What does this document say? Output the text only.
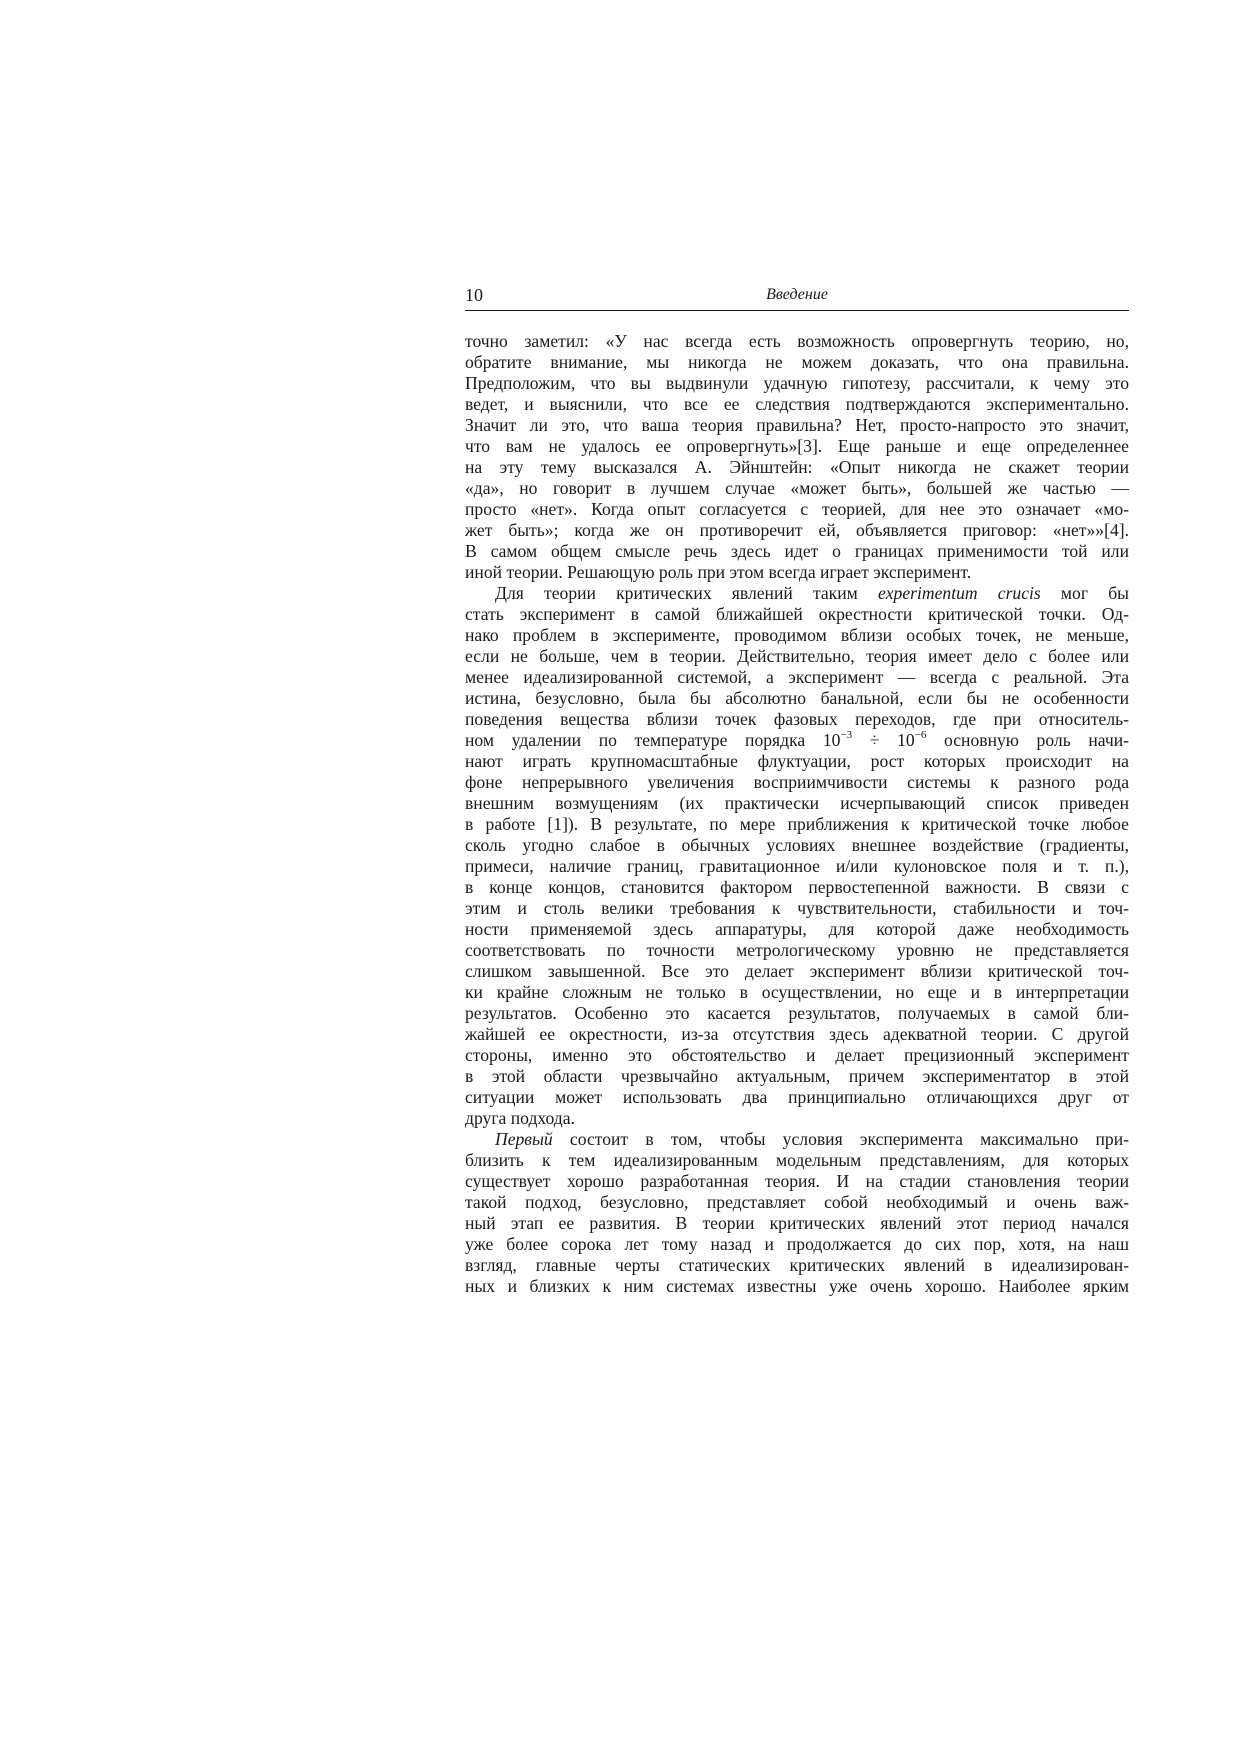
10	Введение
точно заметил: «У нас всегда есть возможность опровергнуть теорию, но,
обратите внимание, мы никогда не можем доказать, что она правильна.
Предположим, что вы выдвинули удачную гипотезу, рассчитали, к чему это
ведет, и выяснили, что все ее следствия подтверждаются экспериментально.
Значит ли это, что ваша теория правильна? Нет, просто-напросто это значит,
что вам не удалось ее опровергнуть»[3]. Еще раньше и еще определеннее
на эту тему высказался А. Эйнштейн: «Опыт никогда не скажет теории
«да», но говорит в лучшем случае «может быть», большей же частью —
просто «нет». Когда опыт согласуется с теорией, для нее это означает «мо-
жет быть»; когда же он противоречит ей, объявляется приговор: «нет»»[4].
В самом общем смысле речь здесь идет о границах применимости той или
иной теории. Решающую роль при этом всегда играет эксперимент.
Для теории критических явлений таким experimentum crucis мог бы
стать эксперимент в самой ближайшей окрестности критической точки. Од-
нако проблем в эксперименте, проводимом вблизи особых точек, не меньше,
если не больше, чем в теории. Действительно, теория имеет дело с более или
менее идеализированной системой, а эксперимент — всегда с реальной. Эта
истина, безусловно, была бы абсолютно банальной, если бы не особенности
поведения вещества вблизи точек фазовых переходов, где при относитель-
ном удалении по температуре порядка $10^{-3} \div 10^{-6}$ основную роль начи-
нают играть крупномасштабные флуктуации, рост которых происходит на
фоне непрерывного увеличения восприимчивости системы к разного рода
внешним возмущениям (их практически исчерпывающий список приведен
в работе [1]). В результате, по мере приближения к критической точке любое
сколь угодно слабое в обычных условиях внешнее воздействие (градиенты,
примеси, наличие границ, гравитационное и/или кулоновское поля и т. п.),
в конце концов, становится фактором первостепенной важности. В связи с
этим и столь велики требования к чувствительности, стабильности и точ-
ности применяемой здесь аппаратуры, для которой даже необходимость
соответствовать по точности метрологическому уровню не представляется
слишком завышенной. Все это делает эксперимент вблизи критической точ-
ки крайне сложным не только в осуществлении, но еще и в интерпретации
результатов. Особенно это касается результатов, получаемых в самой бли-
жайшей ее окрестности, из-за отсутствия здесь адекватной теории. С другой
стороны, именно это обстоятельство и делает прецизионный эксперимент
в этой области чрезвычайно актуальным, причем экспериментатор в этой
ситуации может использовать два принципиально отличающихся друг от
друга подхода.
Первый состоит в том, чтобы условия эксперимента максимально при-
близить к тем идеализированным модельным представлениям, для которых
существует хорошо разработанная теория. И на стадии становления теории
такой подход, безусловно, представляет собой необходимый и очень важ-
ный этап ее развития. В теории критических явлений этот период начался
уже более сорока лет тому назад и продолжается до сих пор, хотя, на наш
взгляд, главные черты статических критических явлений в идеализирован-
ных и близких к ним системах известны уже очень хорошо. Наиболее ярким
